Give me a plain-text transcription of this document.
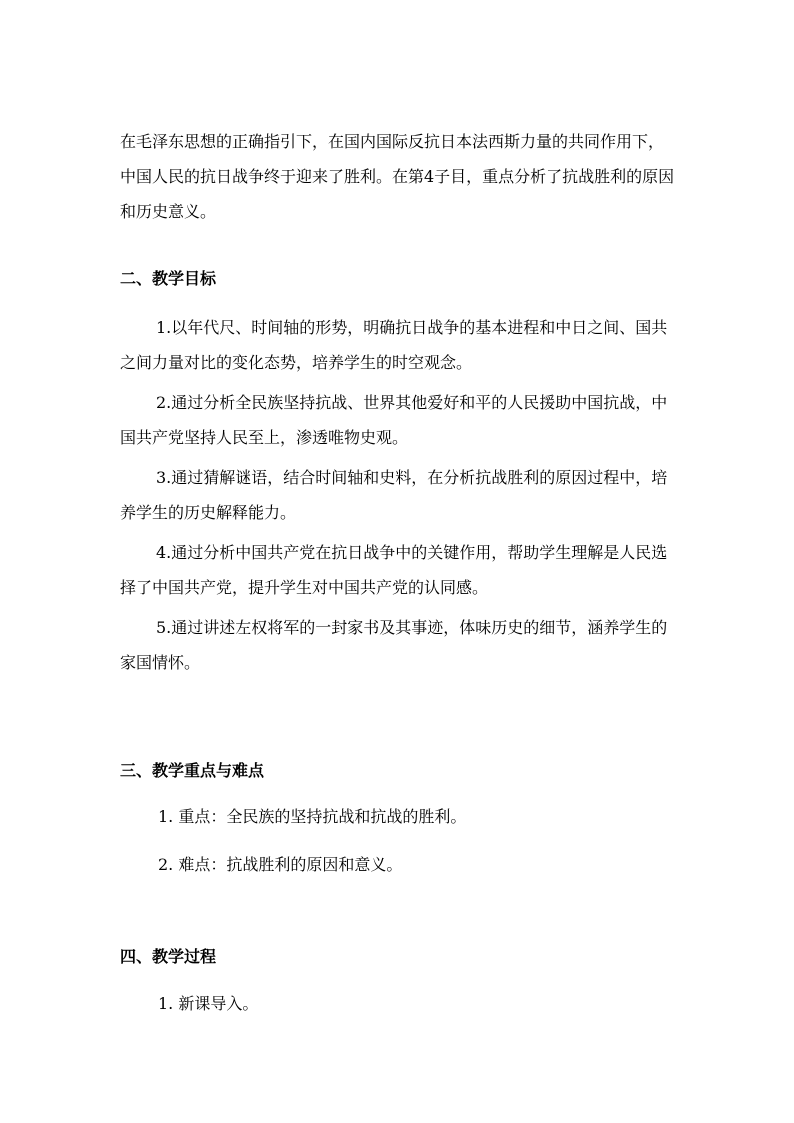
在毛泽东思想的正确指引下，在国内国际反抗日本法西斯力量的共同作用下，中国人民的抗日战争终于迎来了胜利。在第4子目，重点分析了抗战胜利的原因和历史意义。

二、教学目标

1.以年代尺、时间轴的形势，明确抗日战争的基本进程和中日之间、国共之间力量对比的变化态势，培养学生的时空观念。

2.通过分析全民族坚持抗战、世界其他爱好和平的人民援助中国抗战，中国共产党坚持人民至上，渗透唯物史观。

3.通过猜解谜语，结合时间轴和史料，在分析抗战胜利的原因过程中，培养学生的历史解释能力。

4.通过分析中国共产党在抗日战争中的关键作用，帮助学生理解是人民选择了中国共产党，提升学生对中国共产党的认同感。

5.通过讲述左权将军的一封家书及其事迹，体味历史的细节，涵养学生的家国情怀。

三、教学重点与难点

1. 重点：全民族的坚持抗战和抗战的胜利。

2. 难点：抗战胜利的原因和意义。

四、教学过程

1. 新课导入。
